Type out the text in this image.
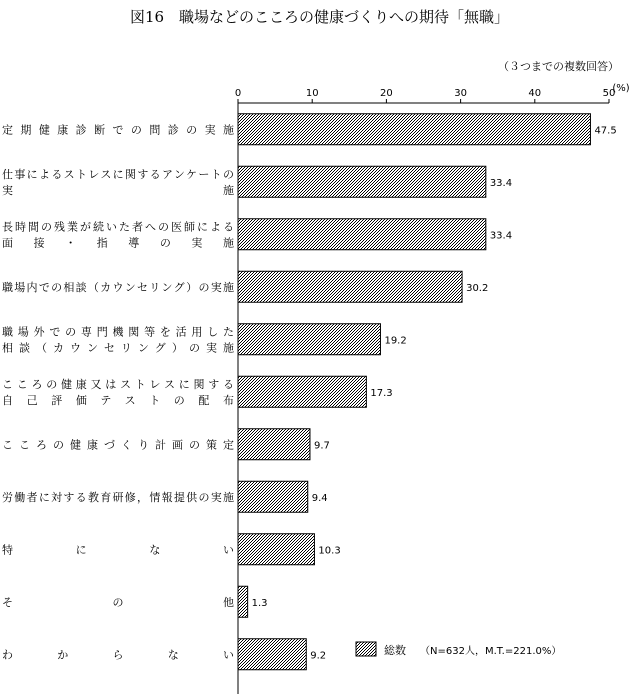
図16　職場などのこころの健康づくりへの期待「無職」
（３つまでの複数回答）
0	10	20	30	40	50
(%)
47.5
定期健康診断での問診の実施
33.4
仕事によるストレスに関するアンケートの
実施
33.4
長時間の残業が続いた者への医師による
面接・指導の実施
30.2
職場内での相談（カウンセリング）の実施
19.2
職場外での専門機関等を活用した
相談（カウンセリング）の実施
17.3
こころの健康又はストレスに関する
自己評価テストの配布
9.7
こころの健康づくり計画の策定
9.4
労働者に対する教育研修，情報提供の実施
10.3
特にない
1.3
その他
9.2
わからない	総数 （N=632人，M.T.=221.0%）
